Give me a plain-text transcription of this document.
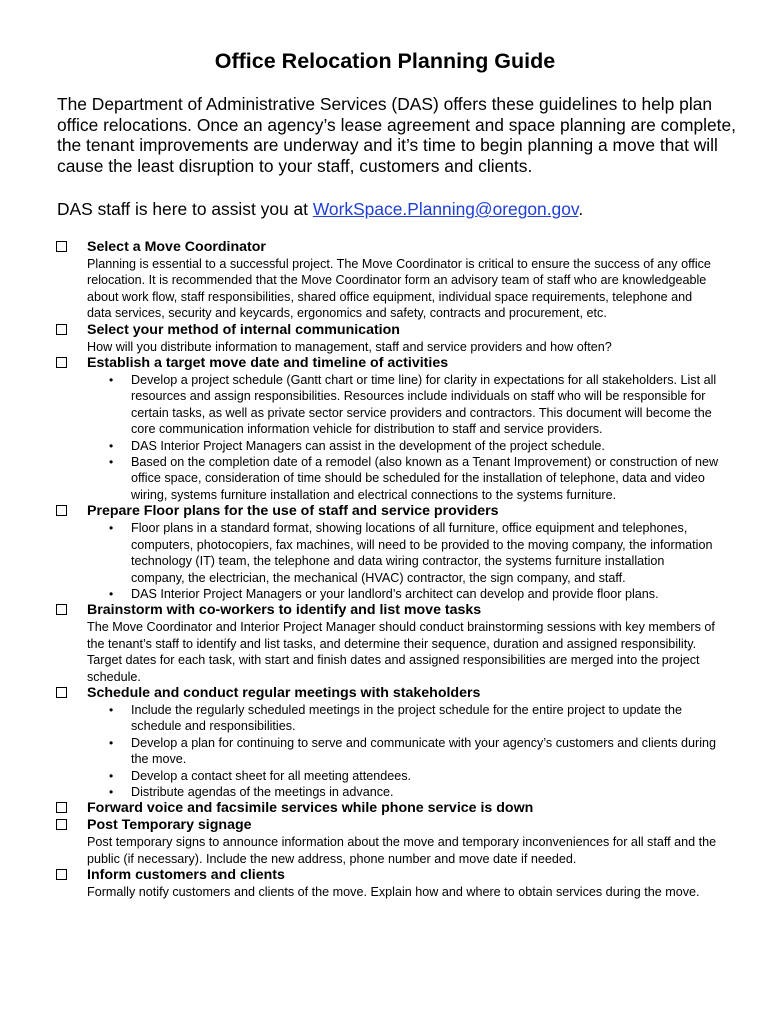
Office Relocation Planning Guide

The Department of Administrative Services (DAS) offers these guidelines to help plan office relocations. Once an agency’s lease agreement and space planning are complete, the tenant improvements are underway and it’s time to begin planning a move that will cause the least disruption to your staff, customers and clients.

DAS staff is here to assist you at WorkSpace.Planning@oregon.gov.

Select a Move Coordinator

Planning is essential to a successful project. The Move Coordinator is critical to ensure the success of any office relocation. It is recommended that the Move Coordinator form an advisory team of staff who are knowledgeable about work flow, staff responsibilities, shared office equipment, individual space requirements, telephone and data services, security and keycards, ergonomics and safety, contracts and procurement, etc.

Select your method of internal communication

How will you distribute information to management, staff and service providers and how often?

Establish a target move date and timeline of activities

• Develop a project schedule (Gantt chart or time line) for clarity in expectations for all stakeholders. List all resources and assign responsibilities. Resources include individuals on staff who will be responsible for certain tasks, as well as private sector service providers and contractors. This document will become the core communication information vehicle for distribution to staff and service providers.
• DAS Interior Project Managers can assist in the development of the project schedule.
• Based on the completion date of a remodel (also known as a Tenant Improvement) or construction of new office space, consideration of time should be scheduled for the installation of telephone, data and video wiring, systems furniture installation and electrical connections to the systems furniture.

Prepare Floor plans for the use of staff and service providers

• Floor plans in a standard format, showing locations of all furniture, office equipment and telephones, computers, photocopiers, fax machines, will need to be provided to the moving company, the information technology (IT) team, the telephone and data wiring contractor, the systems furniture installation company, the electrician, the mechanical (HVAC) contractor, the sign company, and staff.
• DAS Interior Project Managers or your landlord’s architect can develop and provide floor plans.

Brainstorm with co-workers to identify and list move tasks

The Move Coordinator and Interior Project Manager should conduct brainstorming sessions with key members of the tenant’s staff to identify and list tasks, and determine their sequence, duration and assigned responsibility. Target dates for each task, with start and finish dates and assigned responsibilities are merged into the project schedule.

Schedule and conduct regular meetings with stakeholders

• Include the regularly scheduled meetings in the project schedule for the entire project to update the schedule and responsibilities.
• Develop a plan for continuing to serve and communicate with your agency’s customers and clients during the move.
• Develop a contact sheet for all meeting attendees.
• Distribute agendas of the meetings in advance.

Forward voice and facsimile services while phone service is down

Post Temporary signage

Post temporary signs to announce information about the move and temporary inconveniences for all staff and the public (if necessary). Include the new address, phone number and move date if needed.

Inform customers and clients

Formally notify customers and clients of the move. Explain how and where to obtain services during the move.
